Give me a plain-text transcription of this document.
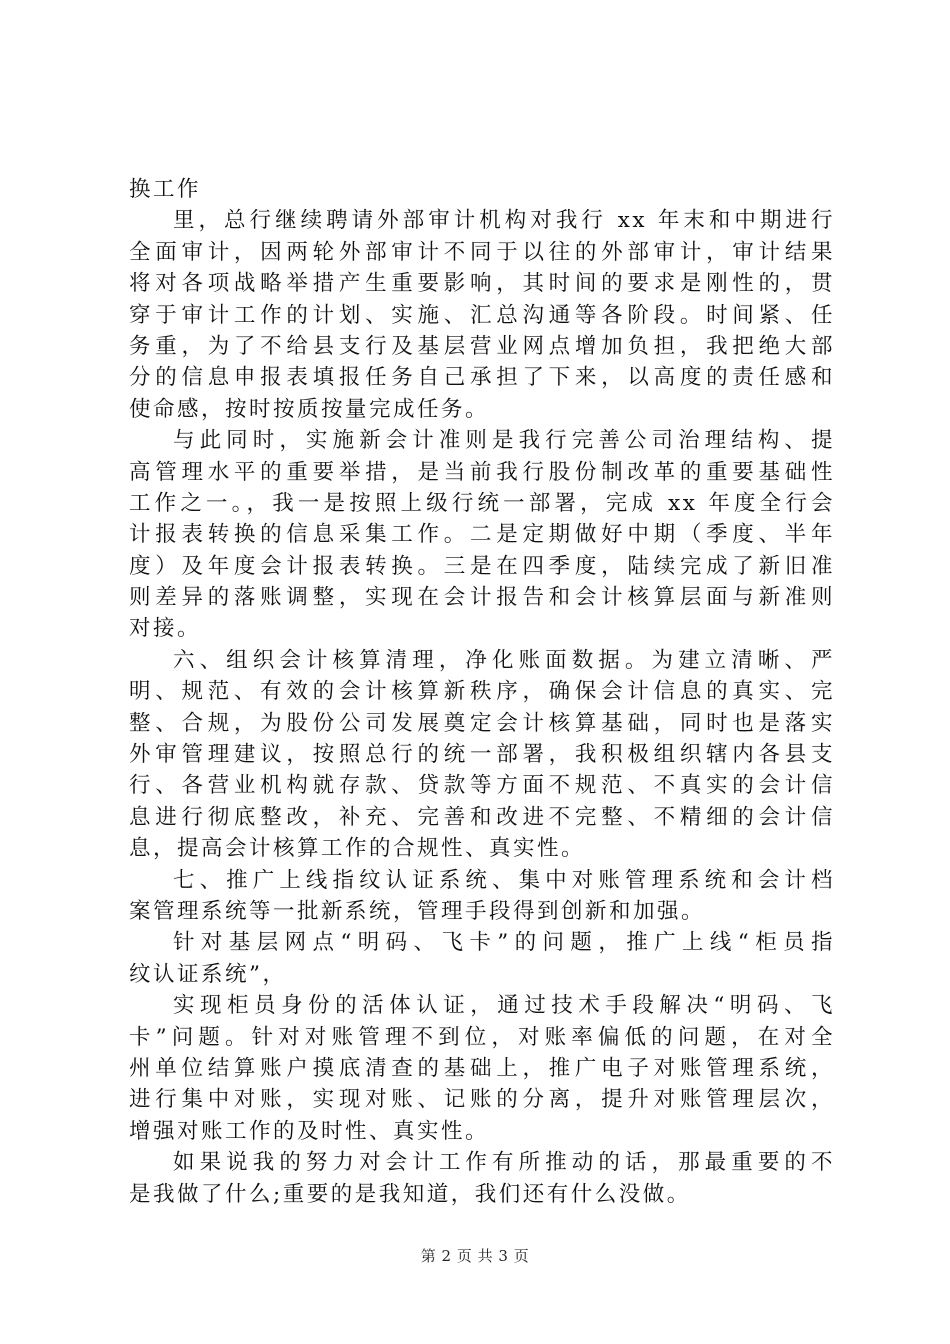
换工作
里，总行继续聘请外部审计机构对我行 xx 年末和中期进行
全面审计，因两轮外部审计不同于以往的外部审计，审计结果
将对各项战略举措产生重要影响，其时间的要求是刚性的，贯
穿于审计工作的计划、实施、汇总沟通等各阶段。时间紧、任
务重，为了不给县支行及基层营业网点增加负担，我把绝大部
分的信息申报表填报任务自己承担了下来，以高度的责任感和
使命感，按时按质按量完成任务。
与此同时，实施新会计准则是我行完善公司治理结构、提
高管理水平的重要举措，是当前我行股份制改革的重要基础性
工作之一。，我一是按照上级行统一部署，完成 xx 年度全行会
计报表转换的信息采集工作。二是定期做好中期（季度、半年
度）及年度会计报表转换。三是在四季度，陆续完成了新旧准
则差异的落账调整，实现在会计报告和会计核算层面与新准则
对接。
六、组织会计核算清理，净化账面数据。为建立清晰、严
明、规范、有效的会计核算新秩序，确保会计信息的真实、完
整、合规，为股份公司发展奠定会计核算基础，同时也是落实
外审管理建议，按照总行的统一部署，我积极组织辖内各县支
行、各营业机构就存款、贷款等方面不规范、不真实的会计信
息进行彻底整改，补充、完善和改进不完整、不精细的会计信
息，提高会计核算工作的合规性、真实性。
七、推广上线指纹认证系统、集中对账管理系统和会计档
案管理系统等一批新系统，管理手段得到创新和加强。
针对基层网点“明码、飞卡”的问题，推广上线“柜员指
纹认证系统”，
实现柜员身份的活体认证，通过技术手段解决“明码、飞
卡”问题。针对对账管理不到位，对账率偏低的问题，在对全
州单位结算账户摸底清查的基础上，推广电子对账管理系统，
进行集中对账，实现对账、记账的分离，提升对账管理层次，
增强对账工作的及时性、真实性。
如果说我的努力对会计工作有所推动的话，那最重要的不
是我做了什么;重要的是我知道，我们还有什么没做。
第 2 页 共 3 页
